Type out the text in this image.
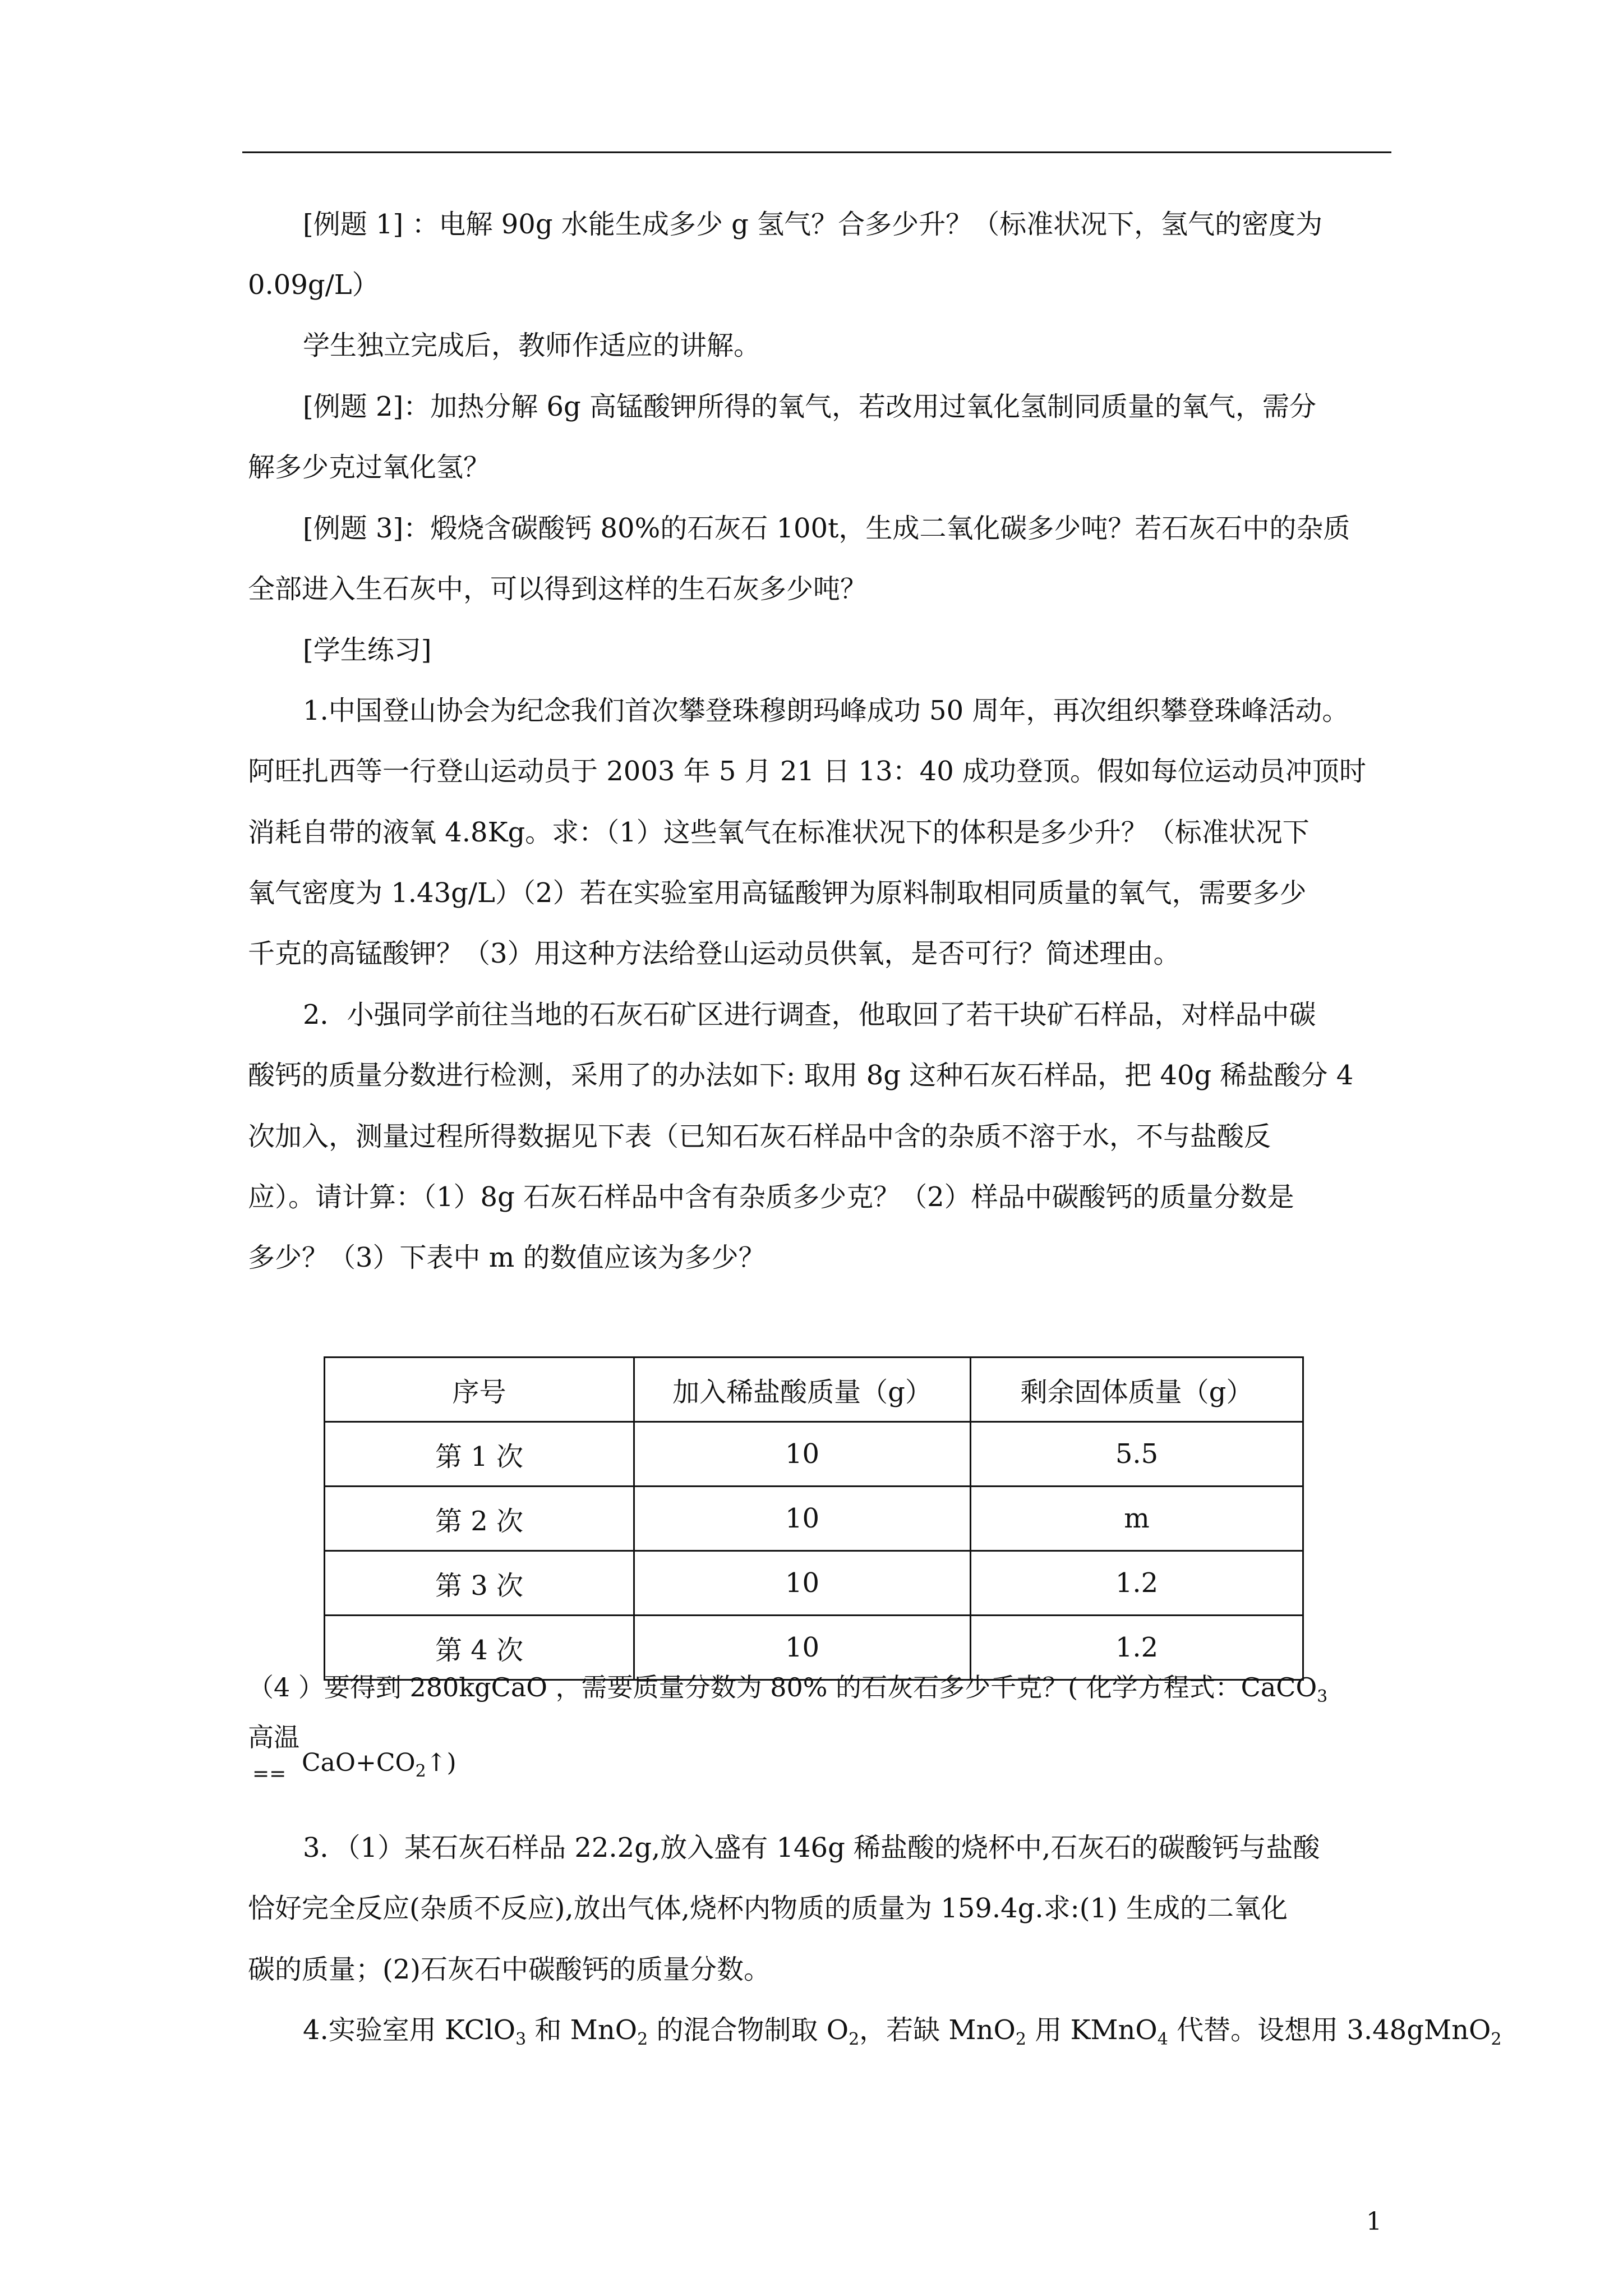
[例题 1] ：电解 90g 水能生成多少 g 氢气？合多少升？（标准状况下，氢气的密度为
0.09g/L）
学生独立完成后，教师作适应的讲解。
[例题 2]：加热分解 6g 高锰酸钾所得的氧气，若改用过氧化氢制同质量的氧气，需分
解多少克过氧化氢？
[例题 3]：煅烧含碳酸钙 80%的石灰石 100t，生成二氧化碳多少吨？若石灰石中的杂质
全部进入生石灰中，可以得到这样的生石灰多少吨？
[学生练习]
1.中国登山协会为纪念我们首次攀登珠穆朗玛峰成功 50 周年，再次组织攀登珠峰活动。
阿旺扎西等一行登山运动员于 2003 年 5 月 21 日 13：40 成功登顶。假如每位运动员冲顶时
消耗自带的液氧 4.8Kg。求：（1）这些氧气在标准状况下的体积是多少升？（标准状况下
氧气密度为 1.43g/L）（2）若在实验室用高锰酸钾为原料制取相同质量的氧气，需要多少
千克的高锰酸钾？（3）用这种方法给登山运动员供氧，是否可行？简述理由。
2．小强同学前往当地的石灰石矿区进行调查，他取回了若干块矿石样品，对样品中碳
酸钙的质量分数进行检测，采用了的办法如下: 取用 8g 这种石灰石样品，把 40g 稀盐酸分 4
次加入，测量过程所得数据见下表（已知石灰石样品中含的杂质不溶于水，不与盐酸反
应）。请计算：（1）8g 石灰石样品中含有杂质多少克？（2）样品中碳酸钙的质量分数是
多少？（3）下表中 m 的数值应该为多少？
序号	加入稀盐酸质量（g）	剩余固体质量（g）
第 1 次	10	5.5
第 2 次	10	m
第 3 次	10	1.2
第 4 次	10	1.2
（4 ）要得到 280kgCaO ，需要质量分数为 80% 的石灰石多少千克？( 化学方程式：CaCO$_3$
高温
== $CaO+CO_2↑$)
3．（1）某石灰石样品 22.2g,放入盛有 146g 稀盐酸的烧杯中,石灰石的碳酸钙与盐酸
恰好完全反应(杂质不反应),放出气体,烧杯内物质的质量为 159.4g.求:(1) 生成的二氧化
碳的质量；(2)石灰石中碳酸钙的质量分数。
4.实验室用 KClO$_3$ 和 MnO$_2$ 的混合物制取 $O_2$，若缺 MnO$_2$ 用 KMnO$_4$ 代替。设想用 3.48gMnO$_2$
1
